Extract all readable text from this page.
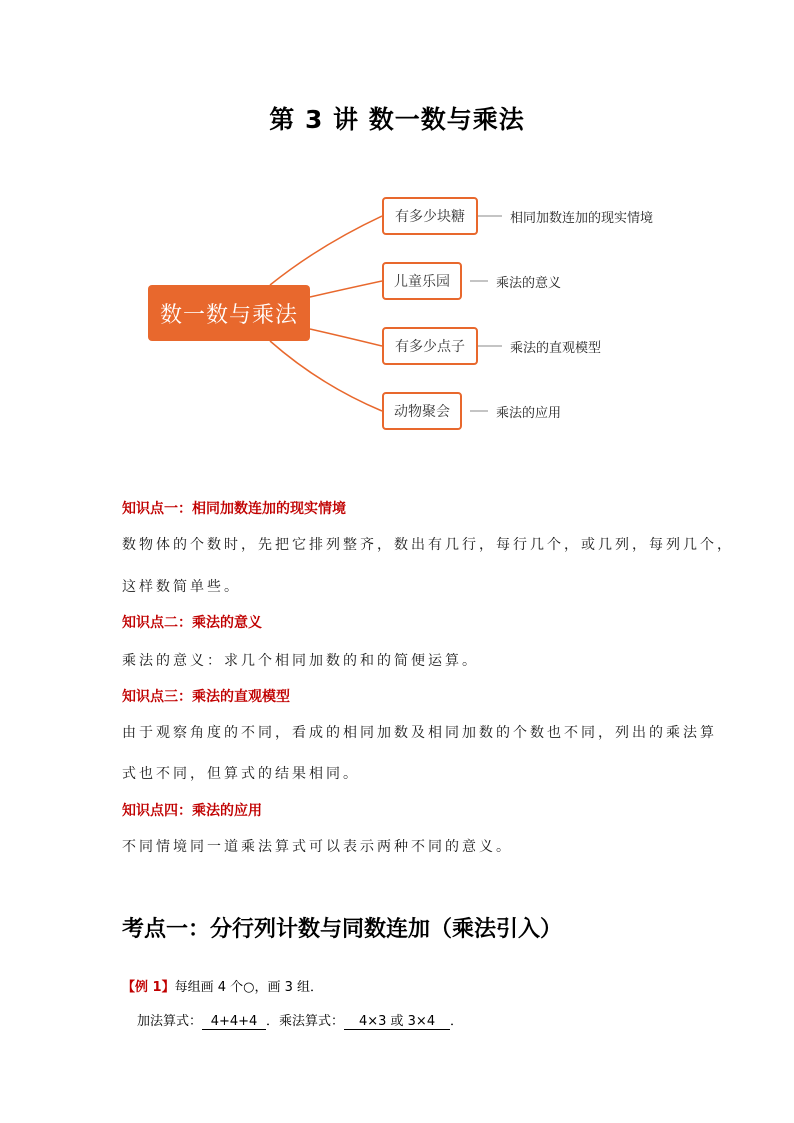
第 3 讲 数一数与乘法
数一数与乘法
有多少块糖	相同加数连加的现实情境
儿童乐园	乘法的意义
有多少点子	乘法的直观模型
动物聚会	乘法的应用

知识点一：相同加数连加的现实情境

数物体的个数时，先把它排列整齐，数出有几行，每行几个，或几列，每列几个，

这样数简单些。

知识点二：乘法的意义

乘法的意义：求几个相同加数的和的简便运算。

知识点三：乘法的直观模型

由于观察角度的不同，看成的相同加数及相同加数的个数也不同，列出的乘法算

式也不同，但算式的结果相同。

知识点四：乘法的应用

不同情境同一道乘法算式可以表示两种不同的意义。

考点一：分行列计数与同数连加（乘法引入）

【例 1】每组画 4 个○，画 3 组．

加法算式： 4+4+4 ．乘法算式： 4×3 或 3×4 ．
